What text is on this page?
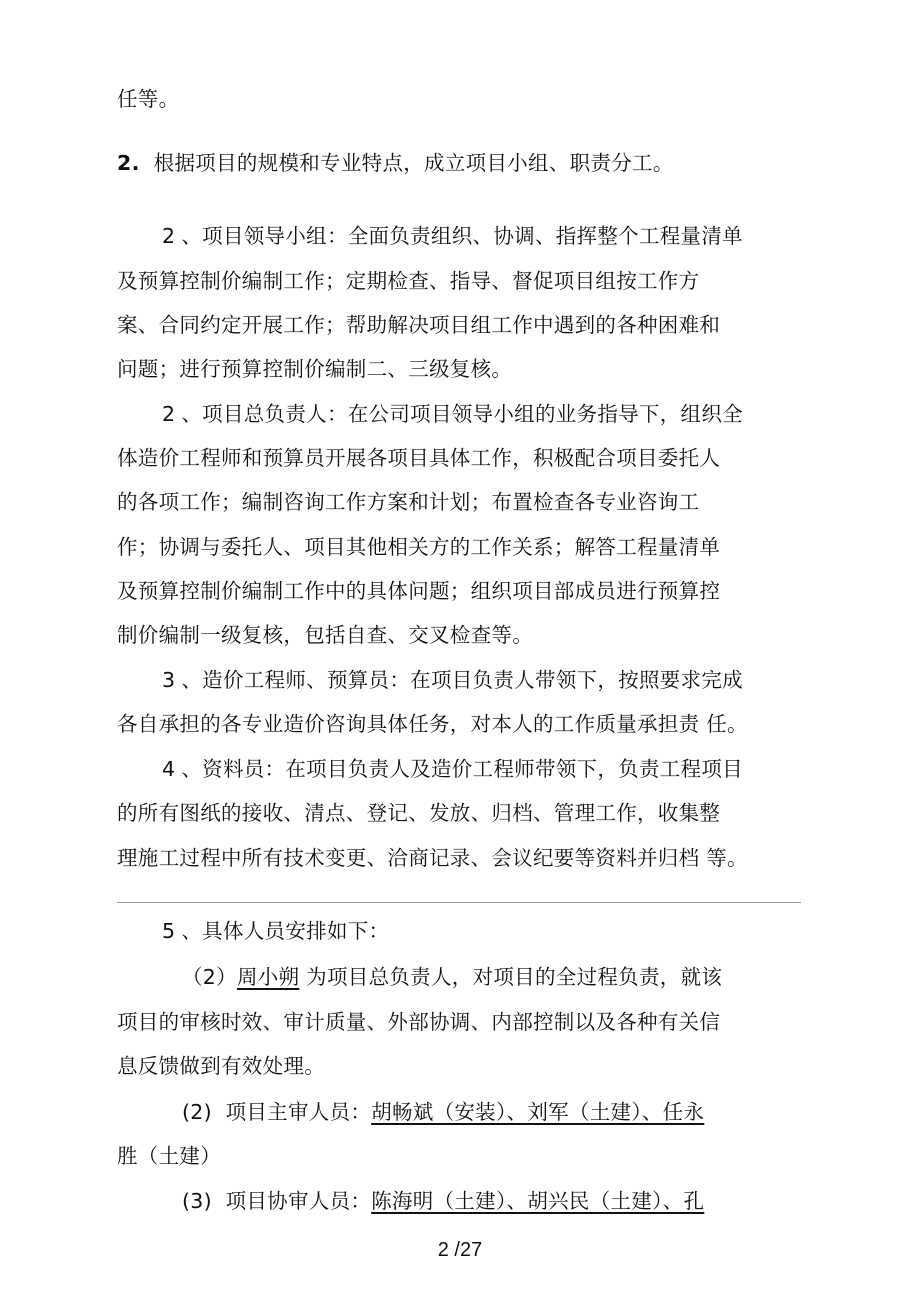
任等。
2. 根据项目的规模和专业特点，成立项目小组、职责分工。
2 、项目领导小组：全面负责组织、协调、指挥整个工程量清单
及预算控制价编制工作；定期检查、指导、督促项目组按工作方
案、合同约定开展工作；帮助解决项目组工作中遇到的各种困难和
问题；进行预算控制价编制二、三级复核。
2 、项目总负责人：在公司项目领导小组的业务指导下，组织全
体造价工程师和预算员开展各项目具体工作，积极配合项目委托人
的各项工作；编制咨询工作方案和计划；布置检查各专业咨询工
作；协调与委托人、项目其他相关方的工作关系；解答工程量清单
及预算控制价编制工作中的具体问题；组织项目部成员进行预算控
制价编制一级复核，包括自查、交叉检查等。
3 、造价工程师、预算员：在项目负责人带领下，按照要求完成
各自承担的各专业造价咨询具体任务，对本人的工作质量承担责 任。
4 、资料员：在项目负责人及造价工程师带领下，负责工程项目
的所有图纸的接收、清点、登记、发放、归档、管理工作，收集整
理施工过程中所有技术变更、洽商记录、会议纪要等资料并归档 等。
5 、具体人员安排如下：
（2）周小朔 为项目总负责人，对项目的全过程负责，就该
项目的审核时效、审计质量、外部协调、内部控制以及各种有关信
息反馈做到有效处理。
(2)  项目主审人员：胡畅斌（安装）、刘军（土建）、任永
胜（土建）
(3)  项目协审人员：陈海明（土建）、胡兴民（土建）、孔
2 /27
